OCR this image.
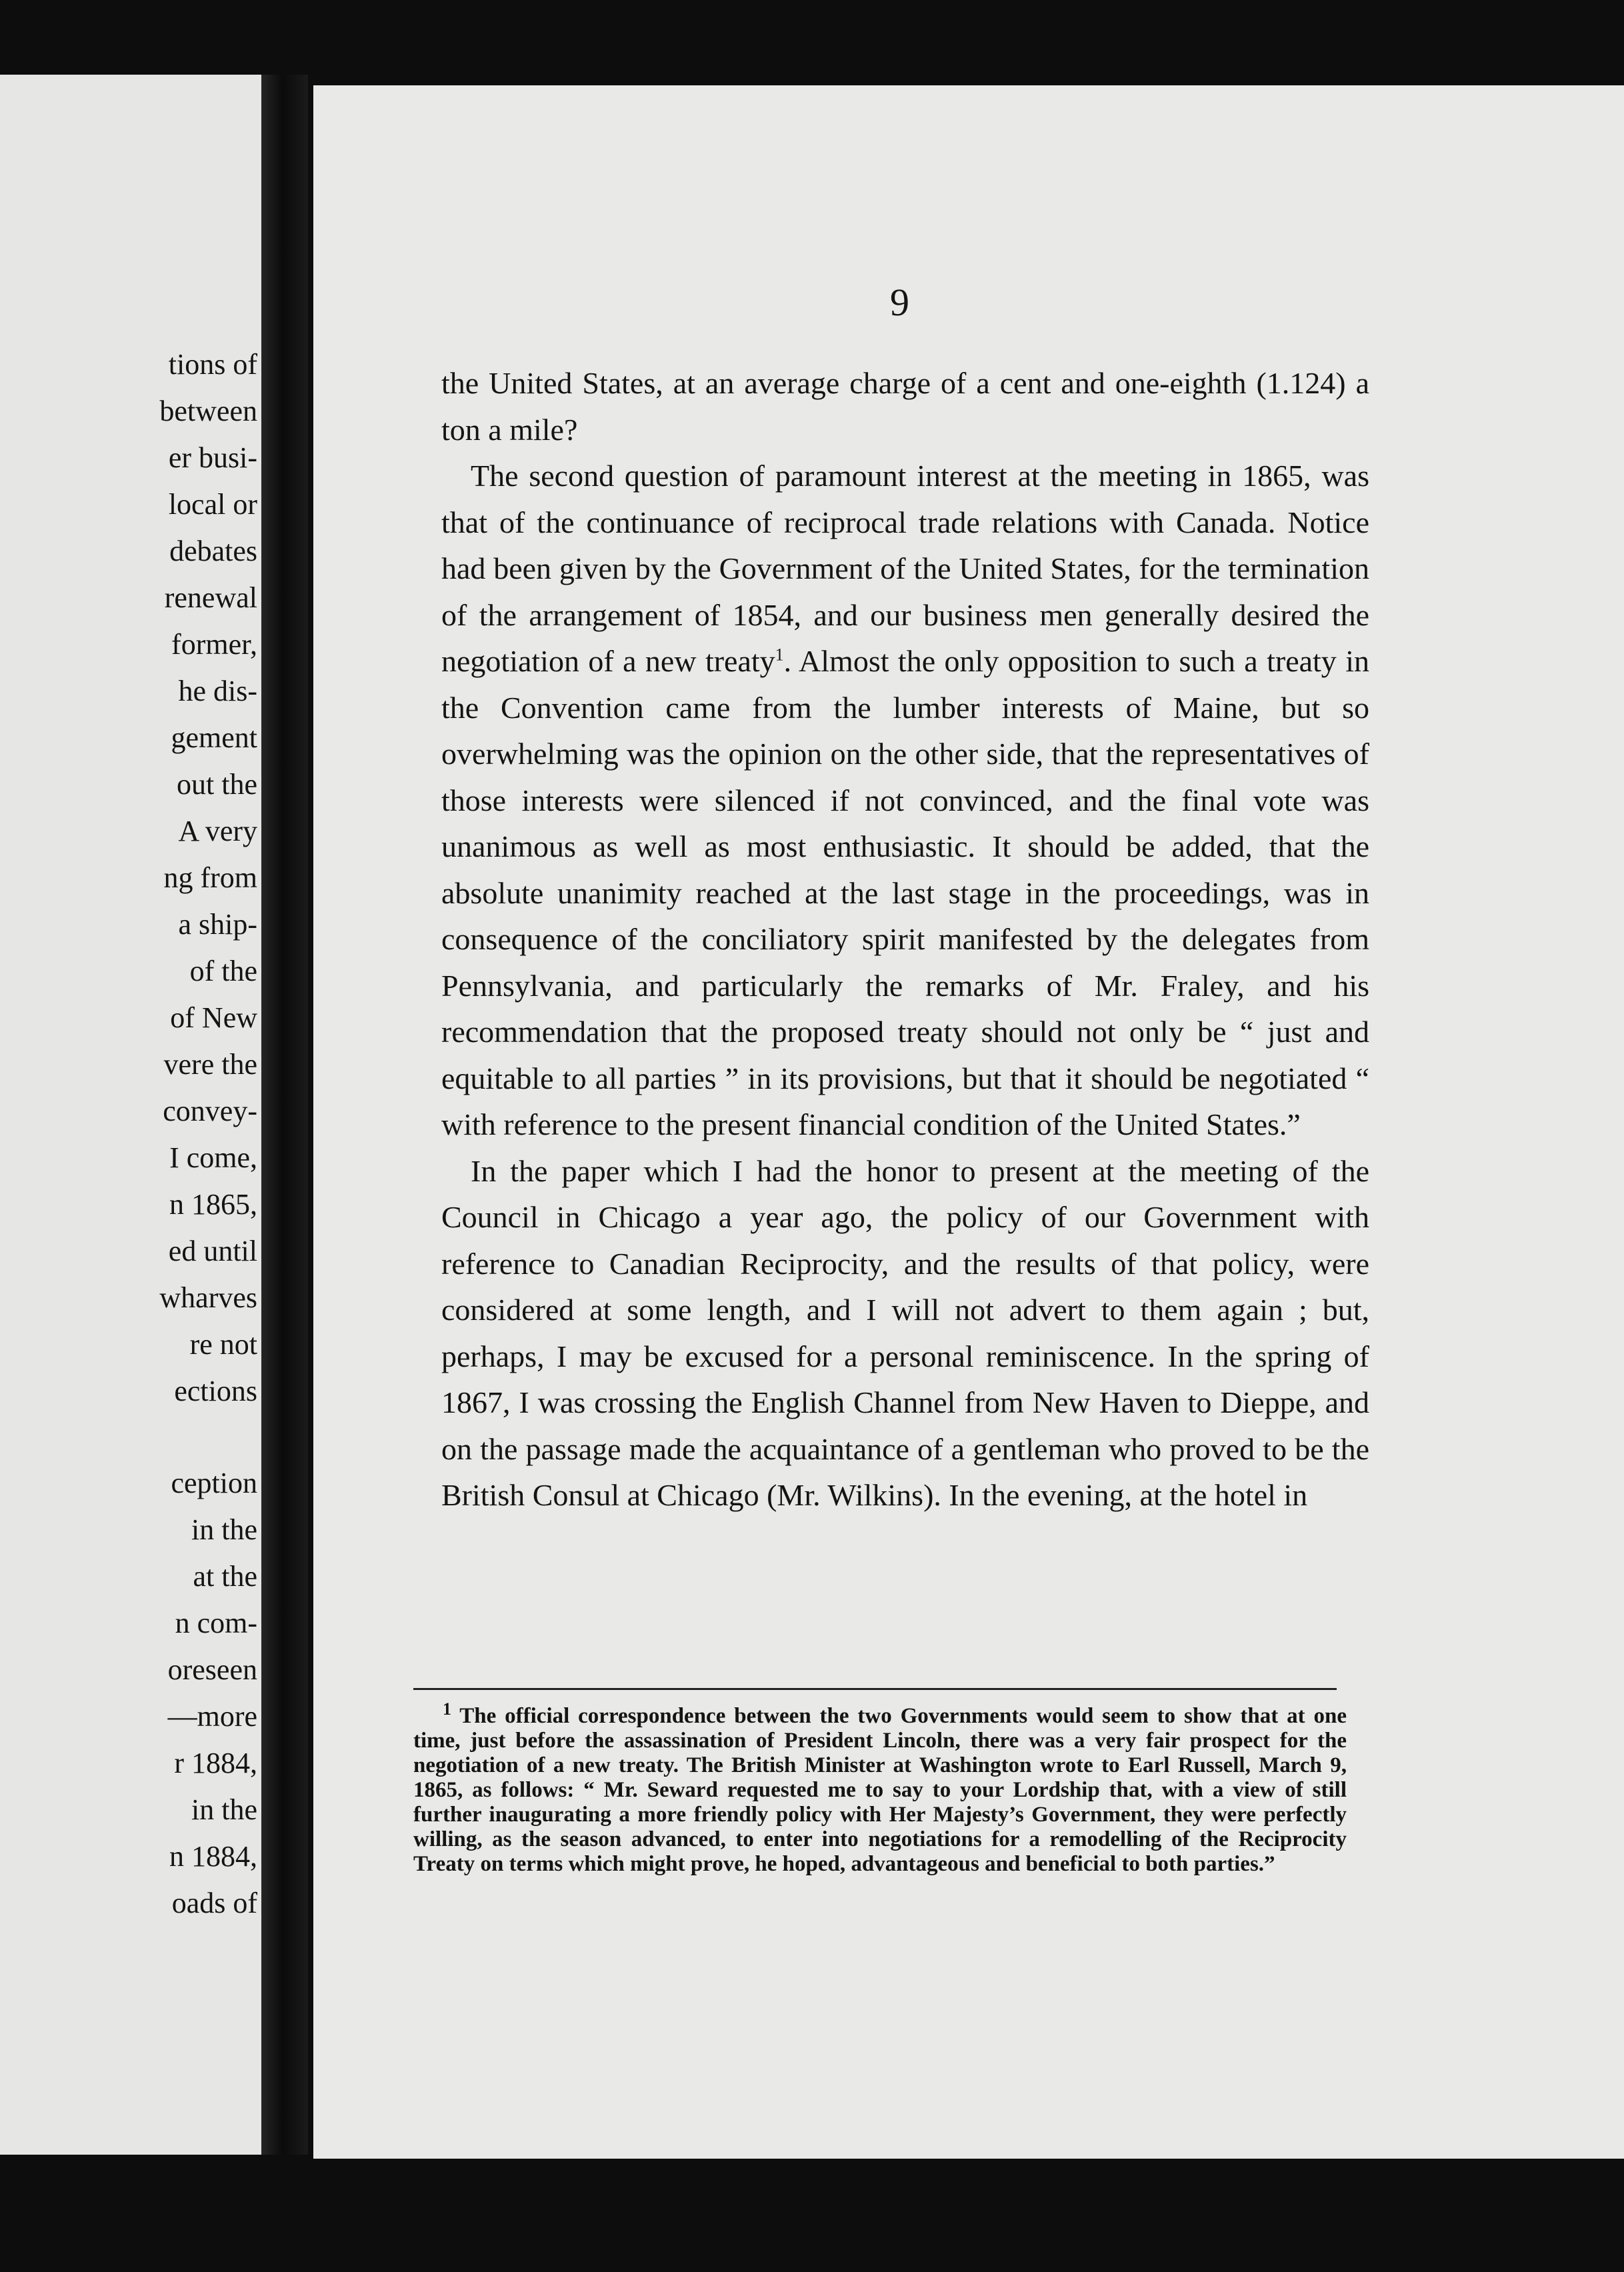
tions of
between
er busi-
local or
debates
renewal
former,
he dis-
gement
out the
A very
ng from
a ship-
of the
of New
vere the
convey-
I come,
n 1865,
ed until
wharves
re not
ections
ception
in the
at the
n com-
oreseen
—more
r 1884,
in the
n 1884,
oads of
9

the United States, at an average charge of a cent and one-eighth (1.124) a ton a mile?

The second question of paramount interest at the meeting in 1865, was that of the continuance of reciprocal trade relations with Canada. Notice had been given by the Government of the United States, for the termination of the arrangement of 1854, and our business men generally desired the negotiation of a new treaty$^1$. Almost the only opposition to such a treaty in the Convention came from the lumber interests of Maine, but so overwhelming was the opinion on the other side, that the representatives of those interests were silenced if not convinced, and the final vote was unanimous as well as most enthusiastic. It should be added, that the absolute unanimity reached at the last stage in the proceedings, was in consequence of the conciliatory spirit manifested by the delegates from Pennsylvania, and particularly the remarks of Mr. Fraley, and his recommendation that the proposed treaty should not only be “ just and equitable to all parties ” in its provisions, but that it should be negotiated “ with reference to the present financial condition of the United States.”

In the paper which I had the honor to present at the meeting of the Council in Chicago a year ago, the policy of our Government with reference to Canadian Reciprocity, and the results of that policy, were considered at some length, and I will not advert to them again ; but, perhaps, I may be excused for a personal reminiscence. In the spring of 1867, I was crossing the English Channel from New Haven to Dieppe, and on the passage made the acquaintance of a gentleman who proved to be the British Consul at Chicago (Mr. Wilkins). In the evening, at the hotel in

$^1$ The official correspondence between the two Governments would seem to show that at one time, just before the assassination of President Lincoln, there was a very fair prospect for the negotiation of a new treaty. The British Minister at Washington wrote to Earl Russell, March 9, 1865, as follows: “ Mr. Seward requested me to say to your Lordship that, with a view of still further inaugurating a more friendly policy with Her Majesty’s Government, they were perfectly willing, as the season advanced, to enter into negotiations for a remodelling of the Reciprocity Treaty on terms which might prove, he hoped, advantageous and beneficial to both parties.”
